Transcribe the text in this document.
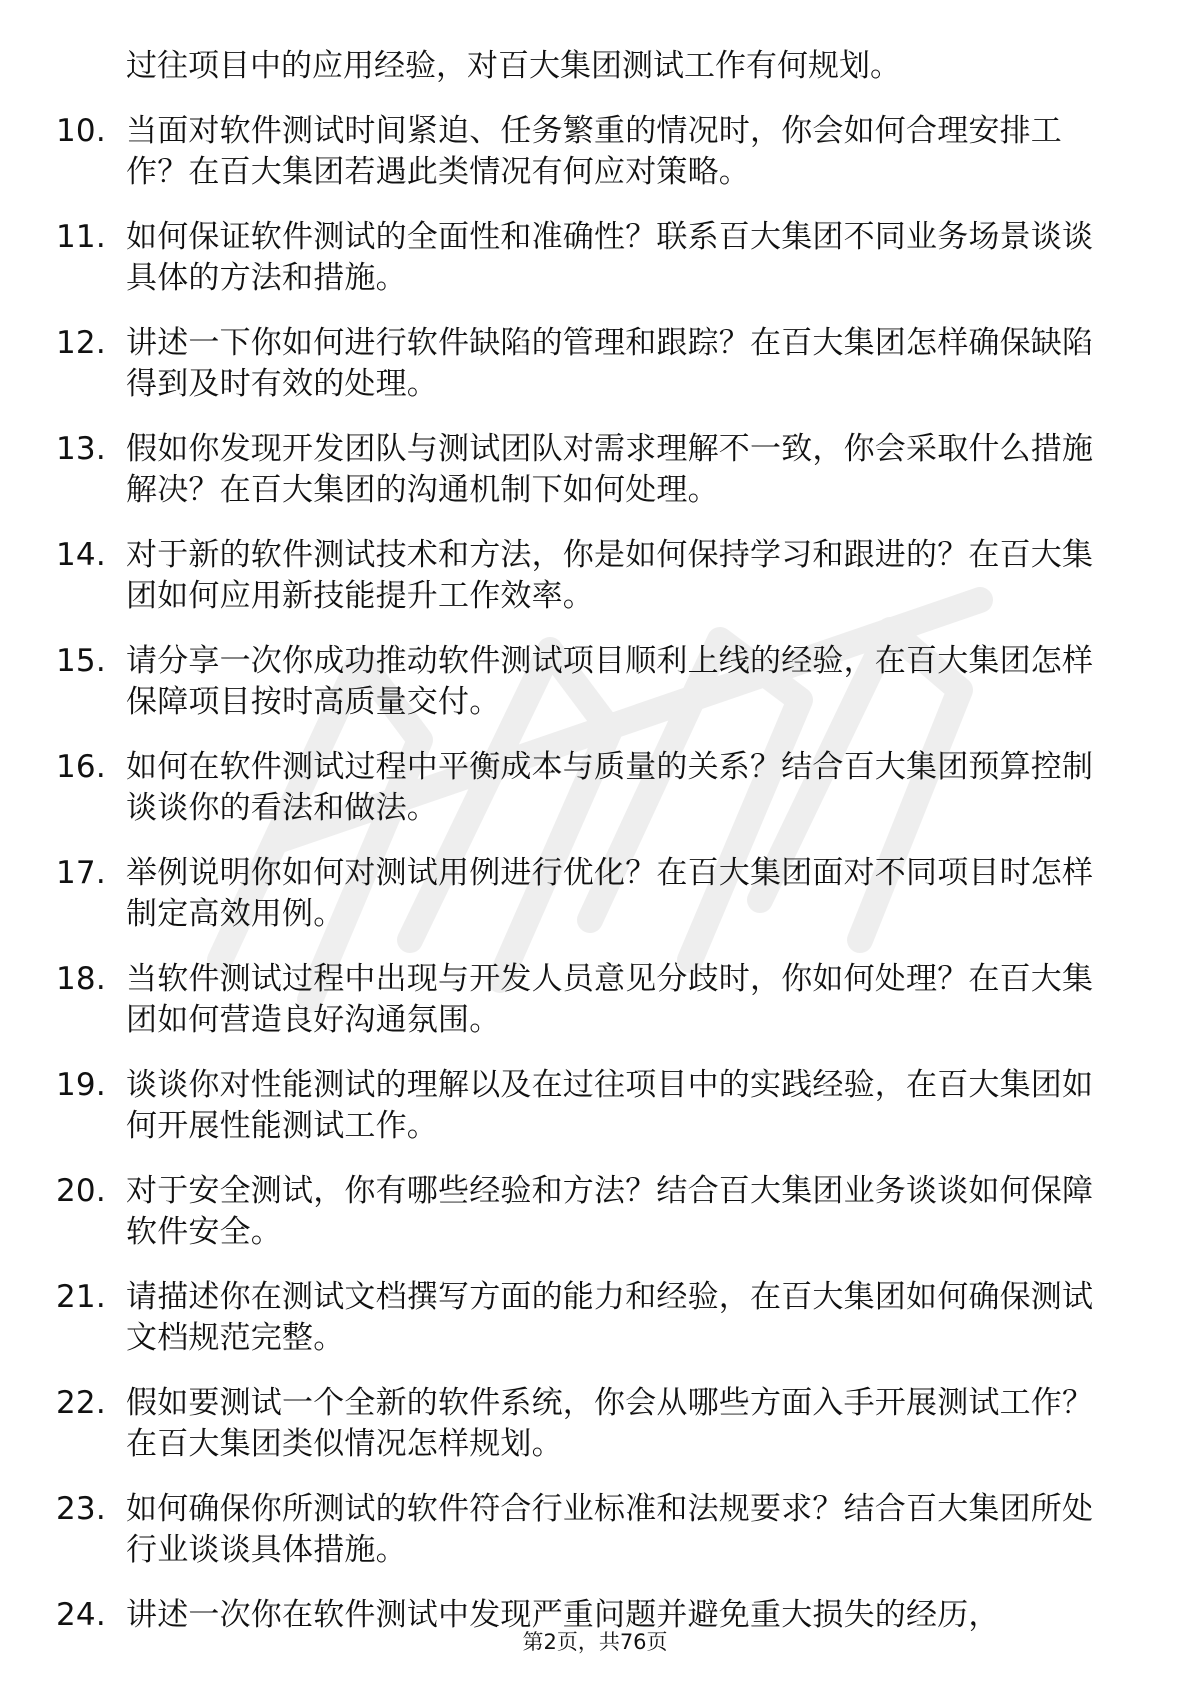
过往项目中的应用经验，对百大集团测试工作有何规划。
10. 当面对软件测试时间紧迫、任务繁重的情况时，你会如何合理安排工作？在百大集团若遇此类情况有何应对策略。
11. 如何保证软件测试的全面性和准确性？联系百大集团不同业务场景谈谈具体的方法和措施。
12. 讲述一下你如何进行软件缺陷的管理和跟踪？在百大集团怎样确保缺陷得到及时有效的处理。
13. 假如你发现开发团队与测试团队对需求理解不一致，你会采取什么措施解决？在百大集团的沟通机制下如何处理。
14. 对于新的软件测试技术和方法，你是如何保持学习和跟进的？在百大集团如何应用新技能提升工作效率。
15. 请分享一次你成功推动软件测试项目顺利上线的经验，在百大集团怎样保障项目按时高质量交付。
16. 如何在软件测试过程中平衡成本与质量的关系？结合百大集团预算控制谈谈你的看法和做法。
17. 举例说明你如何对测试用例进行优化？在百大集团面对不同项目时怎样制定高效用例。
18. 当软件测试过程中出现与开发人员意见分歧时，你如何处理？在百大集团如何营造良好沟通氛围。
19. 谈谈你对性能测试的理解以及在过往项目中的实践经验，在百大集团如何开展性能测试工作。
20. 对于安全测试，你有哪些经验和方法？结合百大集团业务谈谈如何保障软件安全。
21. 请描述你在测试文档撰写方面的能力和经验，在百大集团如何确保测试文档规范完整。
22. 假如要测试一个全新的软件系统，你会从哪些方面入手开展测试工作？在百大集团类似情况怎样规划。
23. 如何确保你所测试的软件符合行业标准和法规要求？结合百大集团所处行业谈谈具体措施。
24. 讲述一次你在软件测试中发现严重问题并避免重大损失的经历，
第2页，共76页
